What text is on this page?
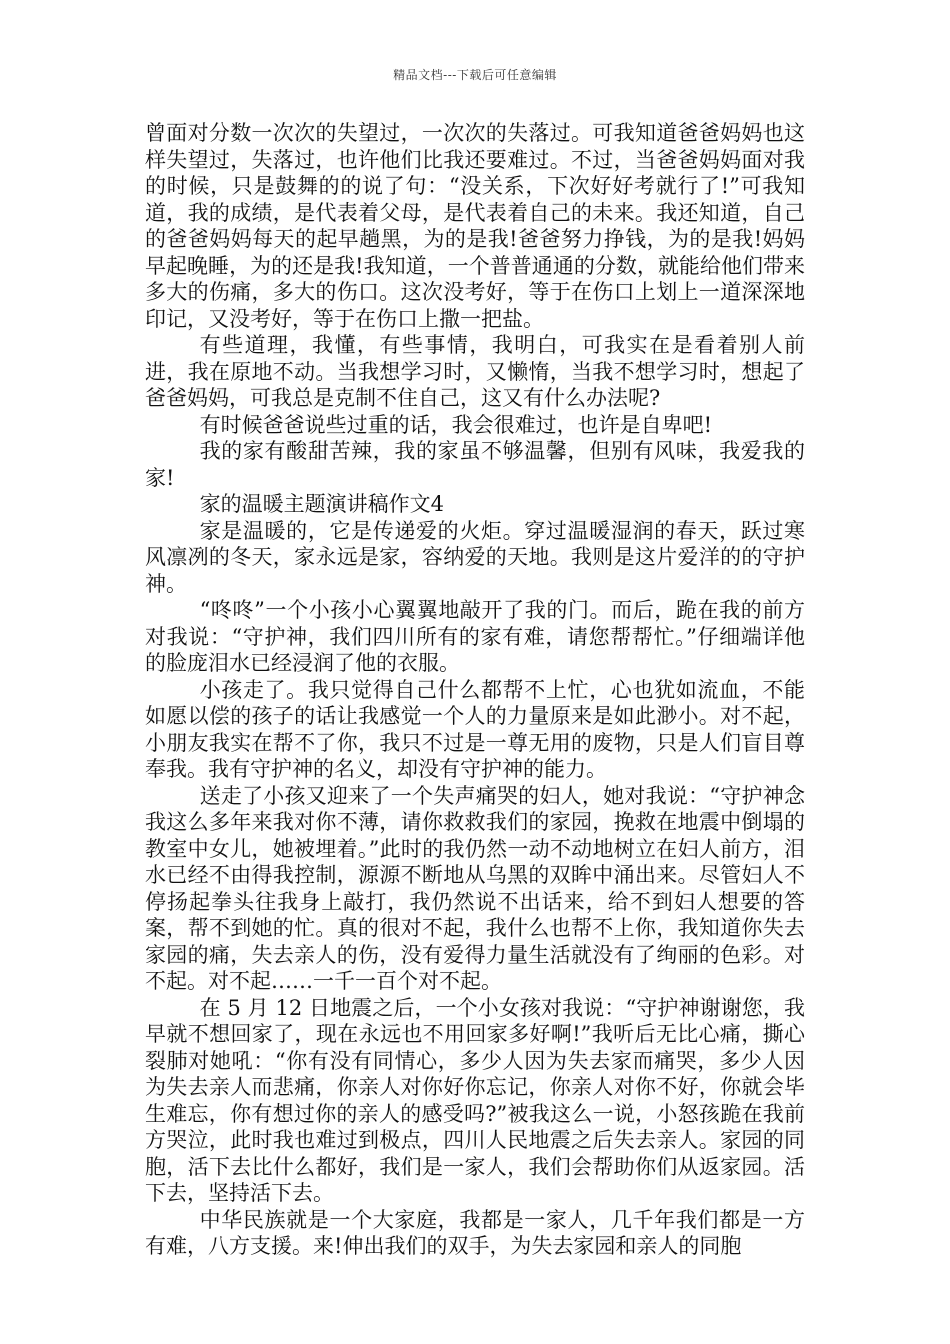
精品文档---下载后可任意编辑

曾面对分数一次次的失望过，一次次的失落过。可我知道爸爸妈妈也这样失望过，失落过，也许他们比我还要难过。不过，当爸爸妈妈面对我的时候，只是鼓舞的的说了句：“没关系，下次好好考就行了!”可我知道，我的成绩，是代表着父母，是代表着自己的未来。我还知道，自己的爸爸妈妈每天的起早趟黑，为的是我!爸爸努力挣钱，为的是我!妈妈早起晚睡，为的还是我!我知道，一个普普通通的分数，就能给他们带来多大的伤痛，多大的伤口。这次没考好，等于在伤口上划上一道深深地印记，又没考好，等于在伤口上撒一把盐。

有些道理，我懂，有些事情，我明白，可我实在是看着别人前进，我在原地不动。当我想学习时，又懒惰，当我不想学习时，想起了爸爸妈妈，可我总是克制不住自己，这又有什么办法呢?

有时候爸爸说些过重的话，我会很难过，也许是自卑吧!

我的家有酸甜苦辣，我的家虽不够温馨，但别有风味，我爱我的家!

家的温暖主题演讲稿作文4

家是温暖的，它是传递爱的火炬。穿过温暖湿润的春天，跃过寒风凛冽的冬天，家永远是家，容纳爱的天地。我则是这片爱洋的的守护神。

“咚咚”一个小孩小心翼翼地敲开了我的门。而后，跪在我的前方对我说：“守护神，我们四川所有的家有难，请您帮帮忙。”仔细端详他的脸庞泪水已经浸润了他的衣服。

小孩走了。我只觉得自己什么都帮不上忙，心也犹如流血，不能如愿以偿的孩子的话让我感觉一个人的力量原来是如此渺小。对不起，小朋友我实在帮不了你，我只不过是一尊无用的废物，只是人们盲目尊奉我。我有守护神的名义，却没有守护神的能力。

送走了小孩又迎来了一个失声痛哭的妇人，她对我说：“守护神念我这么多年来我对你不薄，请你救救我们的家园，挽救在地震中倒塌的教室中女儿，她被埋着。”此时的我仍然一动不动地树立在妇人前方，泪水已经不由得我控制，源源不断地从乌黑的双眸中涌出来。尽管妇人不停扬起拳头往我身上敲打，我仍然说不出话来，给不到妇人想要的答案，帮不到她的忙。真的很对不起，我什么也帮不上你，我知道你失去家园的痛，失去亲人的伤，没有爱得力量生活就没有了绚丽的色彩。对不起。对不起……一千一百个对不起。

在 5 月 12 日地震之后，一个小女孩对我说：“守护神谢谢您，我早就不想回家了，现在永远也不用回家多好啊!”我听后无比心痛，撕心裂肺对她吼：“你有没有同情心，多少人因为失去家而痛哭，多少人因为失去亲人而悲痛，你亲人对你好你忘记，你亲人对你不好，你就会毕生难忘，你有想过你的亲人的感受吗?”被我这么一说，小怒孩跪在我前方哭泣，此时我也难过到极点，四川人民地震之后失去亲人。家园的同胞，活下去比什么都好，我们是一家人，我们会帮助你们从返家园。活下去，坚持活下去。

中华民族就是一个大家庭，我都是一家人，几千年我们都是一方有难，八方支援。来!伸出我们的双手，为失去家园和亲人的同胞
